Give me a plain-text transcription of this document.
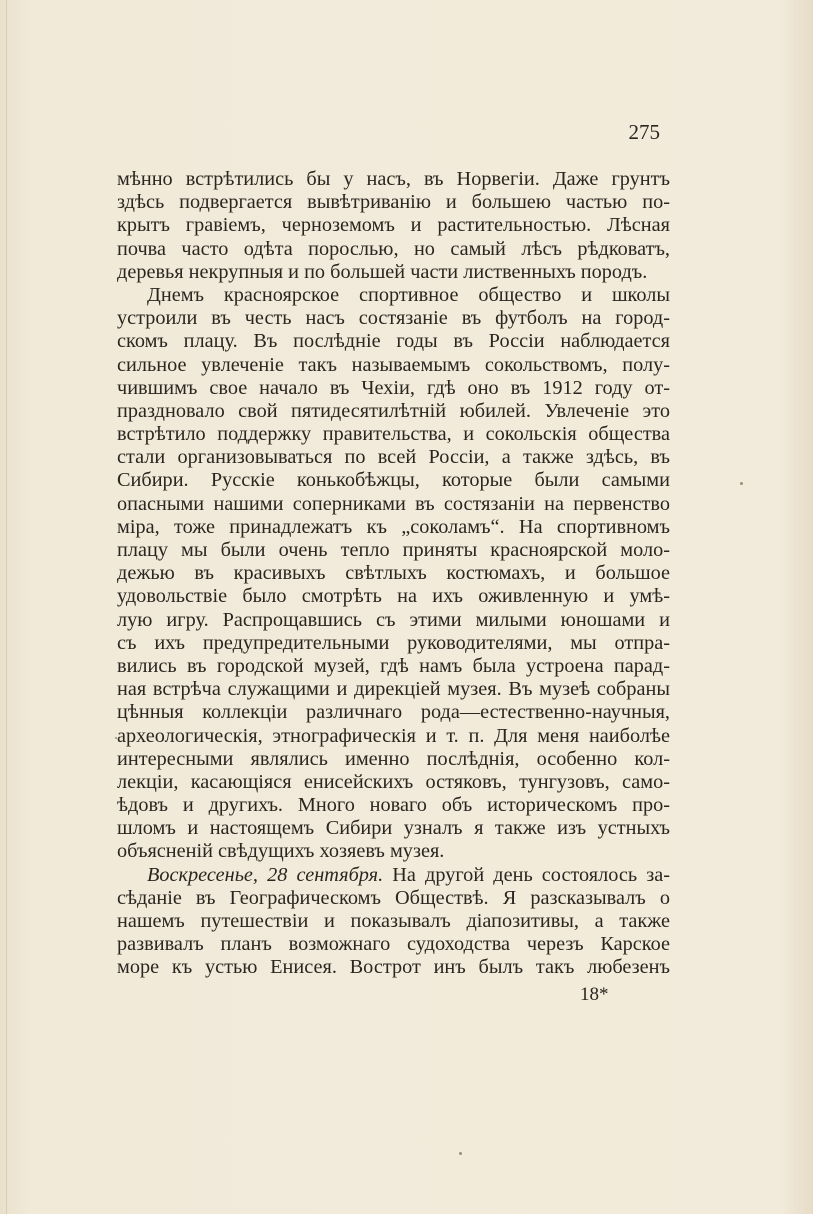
275
мѣнно встрѣтились бы у насъ, въ Норвегіи. Даже грунтъ
здѣсь подвергается вывѣтриванію и большею частью по-
крытъ гравіемъ, черноземомъ и растительностью. Лѣсная
почва часто одѣта порослью, но самый лѣсъ рѣдковатъ,
деревья некрупныя и по большей части лиственныхъ породъ.
Днемъ красноярское спортивное общество и школы
устроили въ честь насъ состязаніе въ футболъ на город-
скомъ плацу. Въ послѣдніе годы въ Россіи наблюдается
сильное увлеченіе такъ называемымъ сокольствомъ, полу-
чившимъ свое начало въ Чехіи, гдѣ оно въ 1912 году от-
праздновало свой пятидесятилѣтній юбилей. Увлеченіе это
встрѣтило поддержку правительства, и сокольскія общества
стали организовываться по всей Россіи, а также здѣсь, въ
Сибири. Русскіе конькобѣжцы, которые были самыми
опасными нашими соперниками въ состязаніи на первенство
міра, тоже принадлежатъ къ „соколамъ“. На спортивномъ
плацу мы были очень тепло приняты красноярской моло-
дежью въ красивыхъ свѣтлыхъ костюмахъ, и большое
удовольствіе было смотрѣть на ихъ оживленную и умѣ-
лую игру. Распрощавшись съ этими милыми юношами и
съ ихъ предупредительными руководителями, мы отпра-
вились въ городской музей, гдѣ намъ была устроена парад-
ная встрѣча служащими и дирекціей музея. Въ музеѣ собраны
цѣнныя коллекціи различнаго рода—естественно-научныя,
археологическія, этнографическія и т. п. Для меня наиболѣе
интересными являлись именно послѣднія, особенно кол-
лекціи, касающіяся енисейскихъ остяковъ, тунгузовъ, само-
ѣдовъ и другихъ. Много новаго объ историческомъ про-
шломъ и настоящемъ Сибири узналъ я также изъ устныхъ
объясненій свѣдущихъ хозяевъ музея.
Воскресенье, 28 сентября. На другой день состоялось за-
сѣданіе въ Географическомъ Обществѣ. Я разсказывалъ о
нашемъ путешествіи и показывалъ діапозитивы, а также
развивалъ планъ возможнаго судоходства черезъ Карское
море къ устью Енисея. Вострот инъ былъ такъ любезенъ
18*
